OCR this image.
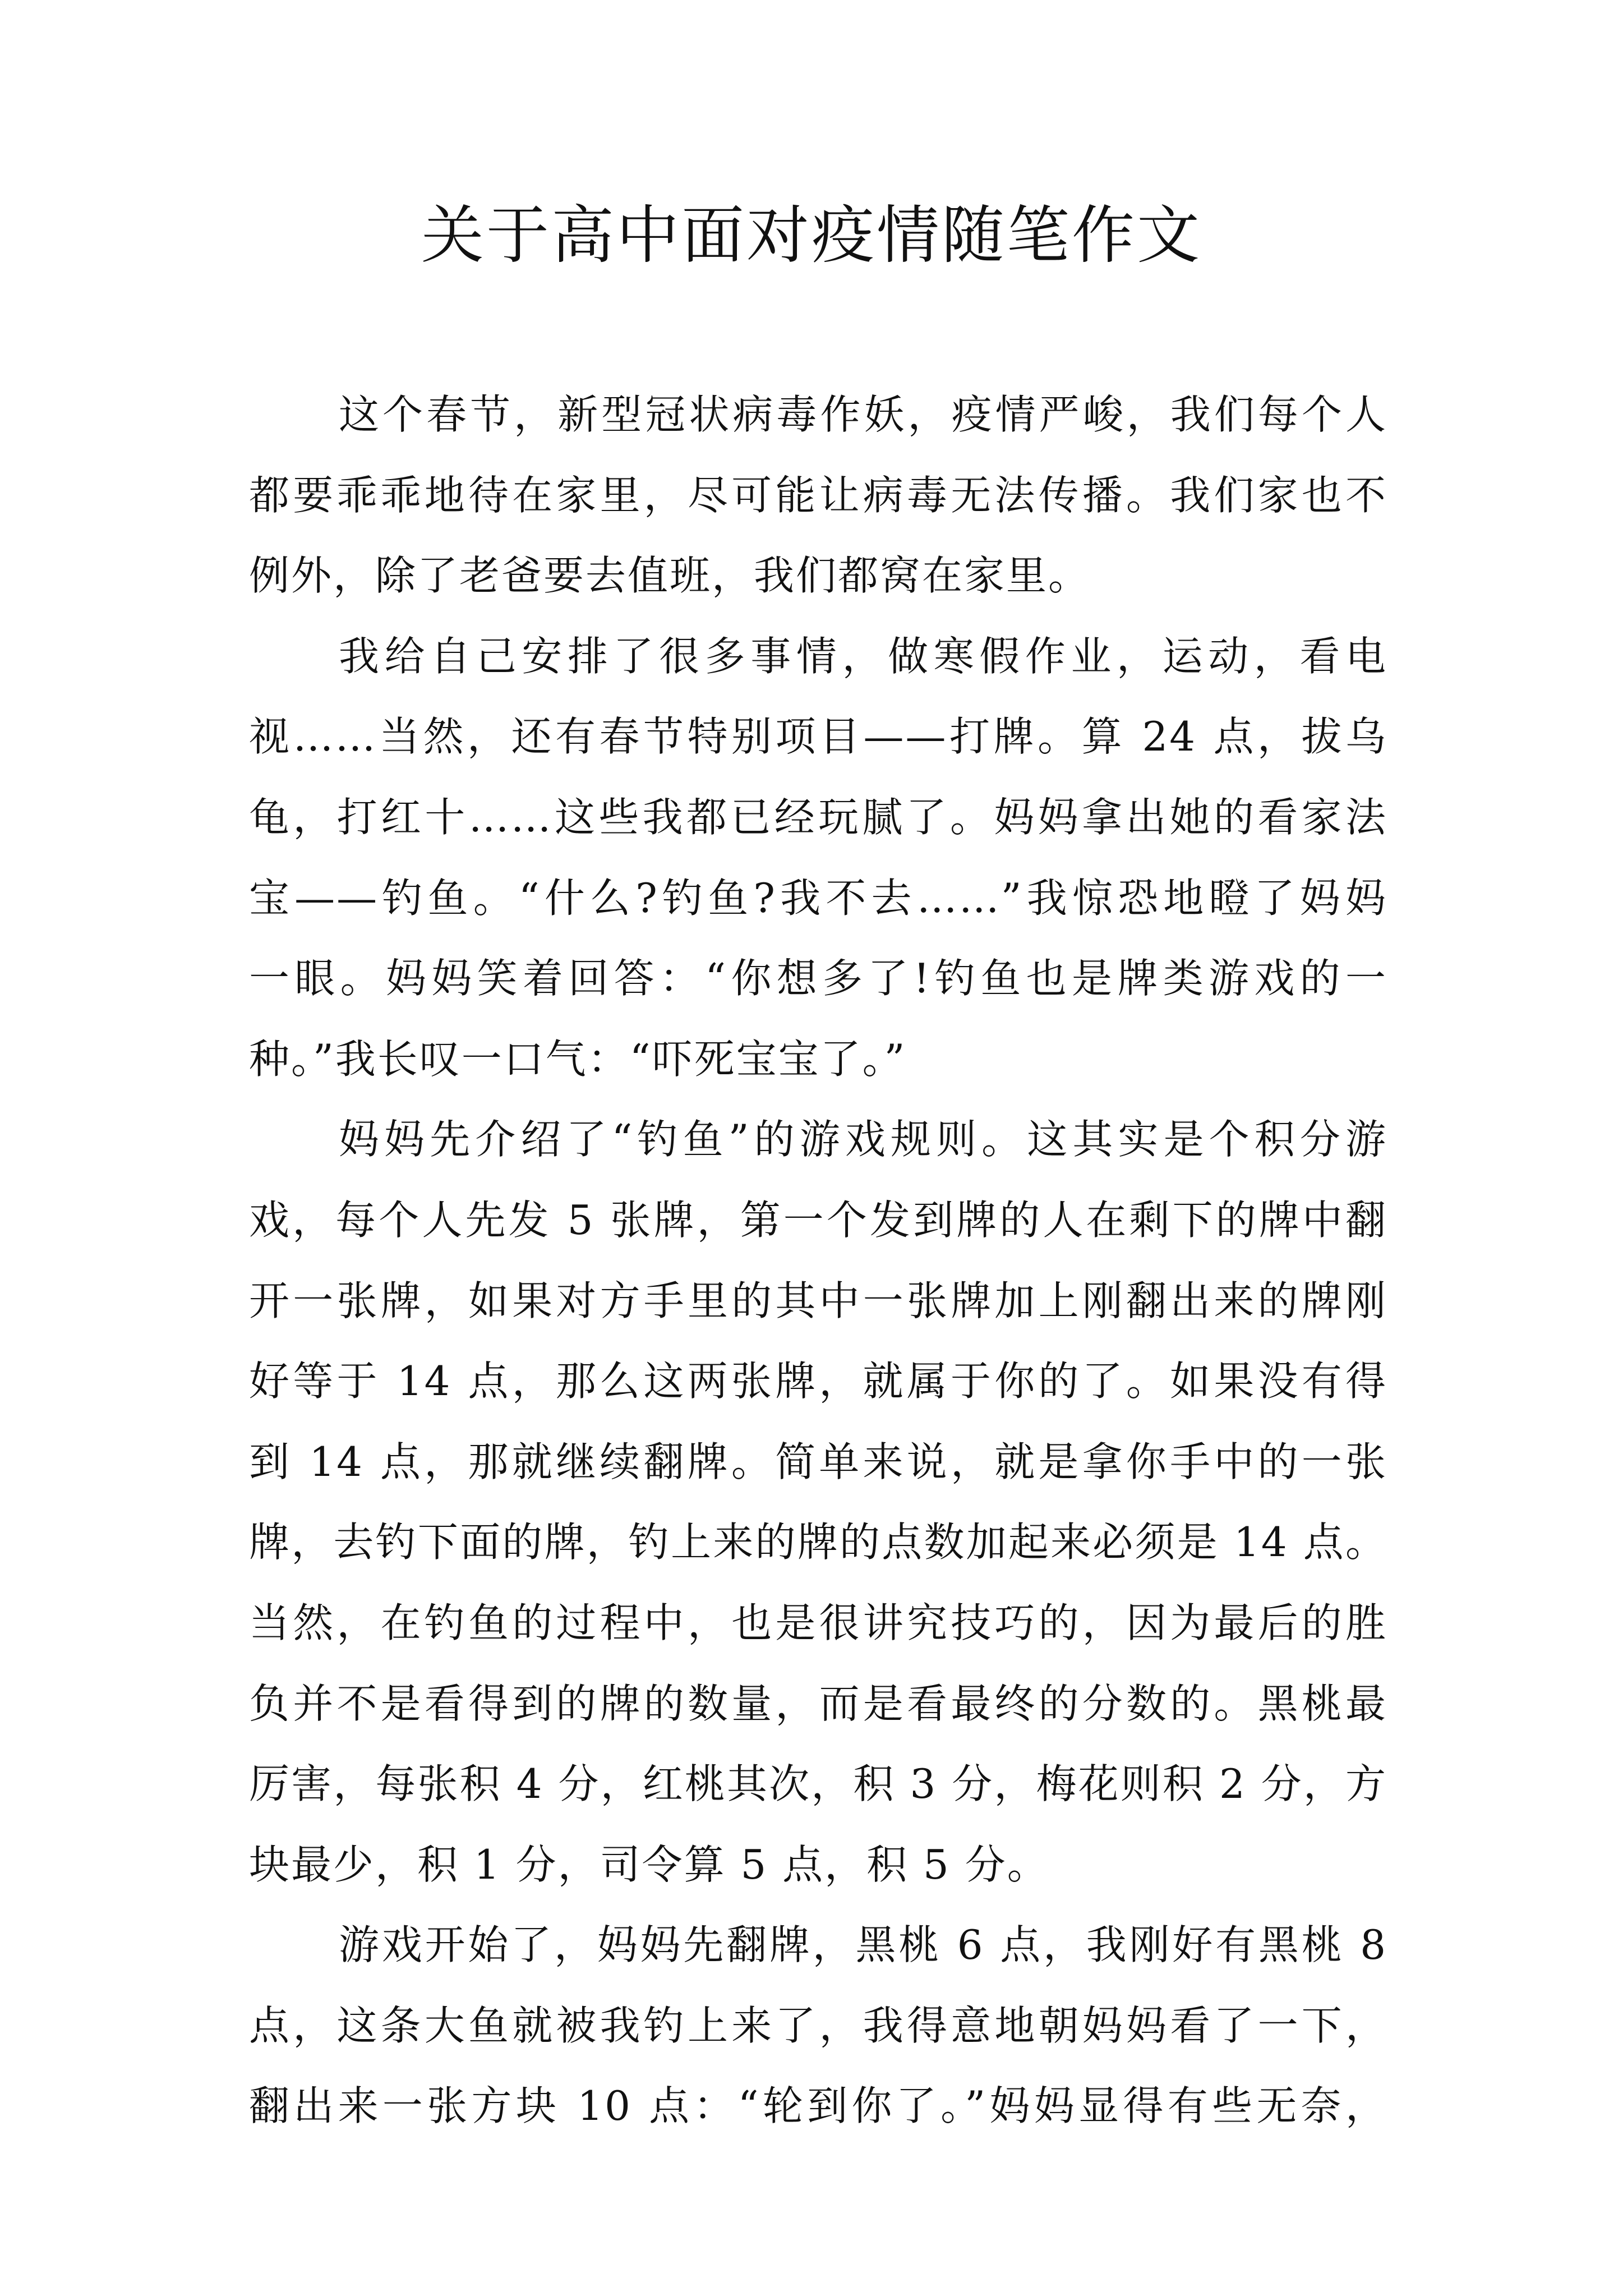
关于高中面对疫情随笔作文
这个春节，新型冠状病毒作妖，疫情严峻，我们每个人
都要乖乖地待在家里，尽可能让病毒无法传播。我们家也不
例外，除了老爸要去值班，我们都窝在家里。
我给自己安排了很多事情，做寒假作业，运动，看电
视……当然，还有春节特别项目——打牌。算 24 点，拔乌
龟，打红十……这些我都已经玩腻了。妈妈拿出她的看家法
宝——钓鱼。“什么?钓鱼?我不去……”我惊恐地瞪了妈妈
一眼。妈妈笑着回答：“你想多了!钓鱼也是牌类游戏的一
种。”我长叹一口气：“吓死宝宝了。”
妈妈先介绍了“钓鱼”的游戏规则。这其实是个积分游
戏，每个人先发 5 张牌，第一个发到牌的人在剩下的牌中翻
开一张牌，如果对方手里的其中一张牌加上刚翻出来的牌刚
好等于 14 点，那么这两张牌，就属于你的了。如果没有得
到 14 点，那就继续翻牌。简单来说，就是拿你手中的一张
牌，去钓下面的牌，钓上来的牌的点数加起来必须是 14 点。
当然，在钓鱼的过程中，也是很讲究技巧的，因为最后的胜
负并不是看得到的牌的数量，而是看最终的分数的。黑桃最
厉害，每张积 4 分，红桃其次，积 3 分，梅花则积 2 分，方
块最少，积 1 分，司令算 5 点，积 5 分。
游戏开始了，妈妈先翻牌，黑桃 6 点，我刚好有黑桃 8
点，这条大鱼就被我钓上来了，我得意地朝妈妈看了一下，
翻出来一张方块 10 点：“轮到你了。”妈妈显得有些无奈，
